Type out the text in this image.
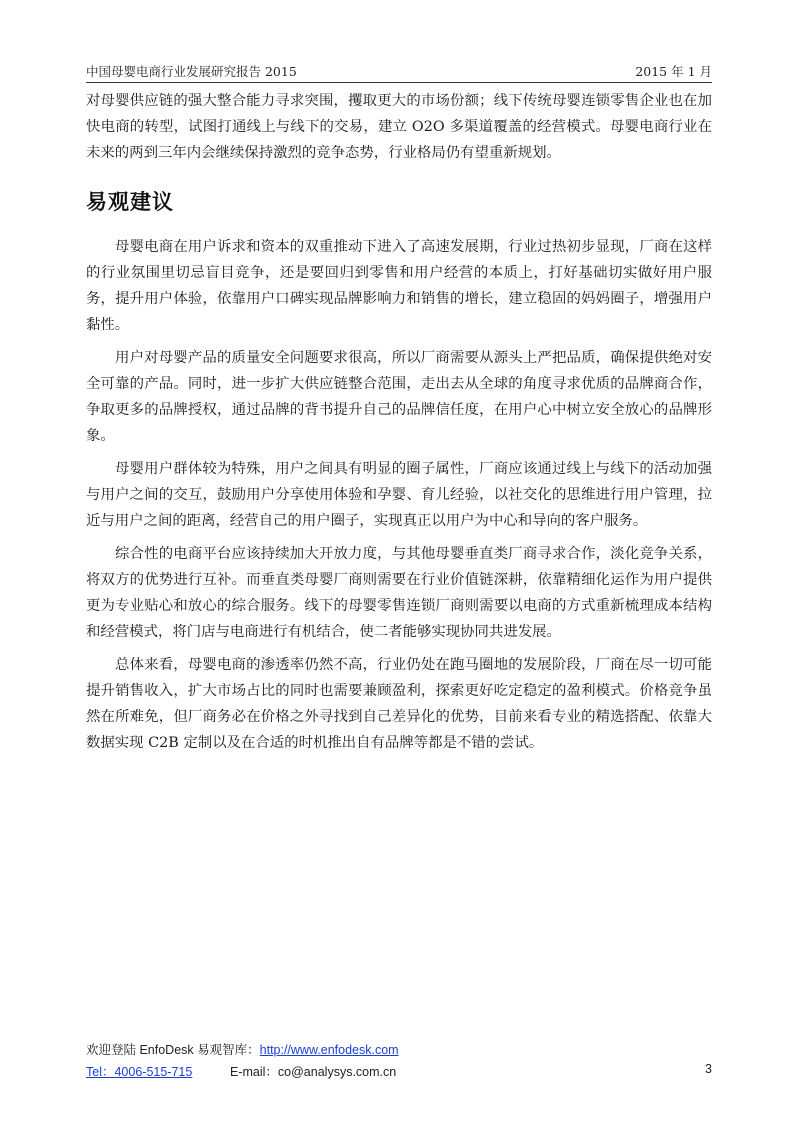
中国母婴电商行业发展研究报告 2015	2015 年 1 月

对母婴供应链的强大整合能力寻求突围，攫取更大的市场份额；线下传统母婴连锁零售企业也在加快电商的转型，试图打通线上与线下的交易，建立 O2O 多渠道覆盖的经营模式。母婴电商行业在未来的两到三年内会继续保持激烈的竞争态势，行业格局仍有望重新规划。

易观建议

母婴电商在用户诉求和资本的双重推动下进入了高速发展期，行业过热初步显现，厂商在这样的行业氛围里切忌盲目竞争，还是要回归到零售和用户经营的本质上，打好基础切实做好用户服务，提升用户体验，依靠用户口碑实现品牌影响力和销售的增长，建立稳固的妈妈圈子，增强用户黏性。

用户对母婴产品的质量安全问题要求很高，所以厂商需要从源头上严把品质，确保提供绝对安全可靠的产品。同时，进一步扩大供应链整合范围，走出去从全球的角度寻求优质的品牌商合作，争取更多的品牌授权，通过品牌的背书提升自己的品牌信任度，在用户心中树立安全放心的品牌形象。

母婴用户群体较为特殊，用户之间具有明显的圈子属性，厂商应该通过线上与线下的活动加强与用户之间的交互，鼓励用户分享使用体验和孕婴、育儿经验，以社交化的思维进行用户管理，拉近与用户之间的距离，经营自己的用户圈子，实现真正以用户为中心和导向的客户服务。

综合性的电商平台应该持续加大开放力度，与其他母婴垂直类厂商寻求合作，淡化竞争关系，将双方的优势进行互补。而垂直类母婴厂商则需要在行业价值链深耕，依靠精细化运作为用户提供更为专业贴心和放心的综合服务。线下的母婴零售连锁厂商则需要以电商的方式重新梳理成本结构和经营模式，将门店与电商进行有机结合，使二者能够实现协同共进发展。

总体来看，母婴电商的渗透率仍然不高，行业仍处在跑马圈地的发展阶段，厂商在尽一切可能提升销售收入，扩大市场占比的同时也需要兼顾盈利，探索更好吃定稳定的盈利模式。价格竞争虽然在所难免，但厂商务必在价格之外寻找到自己差异化的优势，目前来看专业的精选搭配、依靠大数据实现 C2B 定制以及在合适的时机推出自有品牌等都是不错的尝试。

欢迎登陆 EnfoDesk 易观智库：http://www.enfodesk.com
Tel：4006-515-715	E-mail：co@analysys.com.cn	3
